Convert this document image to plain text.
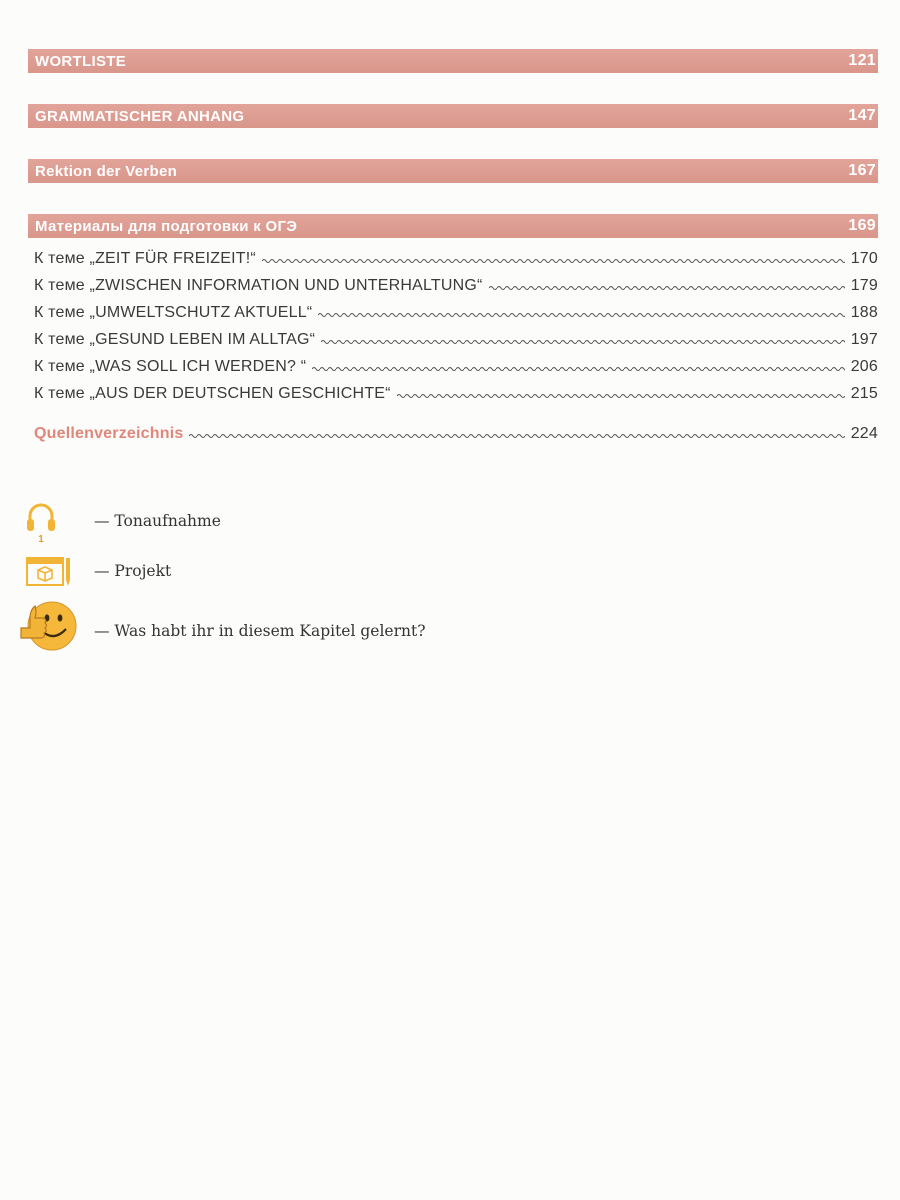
WORTLISTE	121
GRAMMATISCHER ANHANG	147
Rektion der Verben	167
Материалы для подготовки к ОГЭ	169
К теме „ZEIT FÜR FREIZEIT!“	170
К теме „ZWISCHEN INFORMATION UND UNTERHALTUNG“	179
К теме „UMWELTSCHUTZ AKTUELL“	188
К теме „GESUND LEBEN IM ALLTAG“	197
К теме „WAS SOLL ICH WERDEN? “	206
К теме „AUS DER DEUTSCHEN GESCHICHTE“	215
Quellenverzeichnis	224
1
— Tonaufnahme
— Projekt
— Was habt ihr in diesem Kapitel gelernt?
